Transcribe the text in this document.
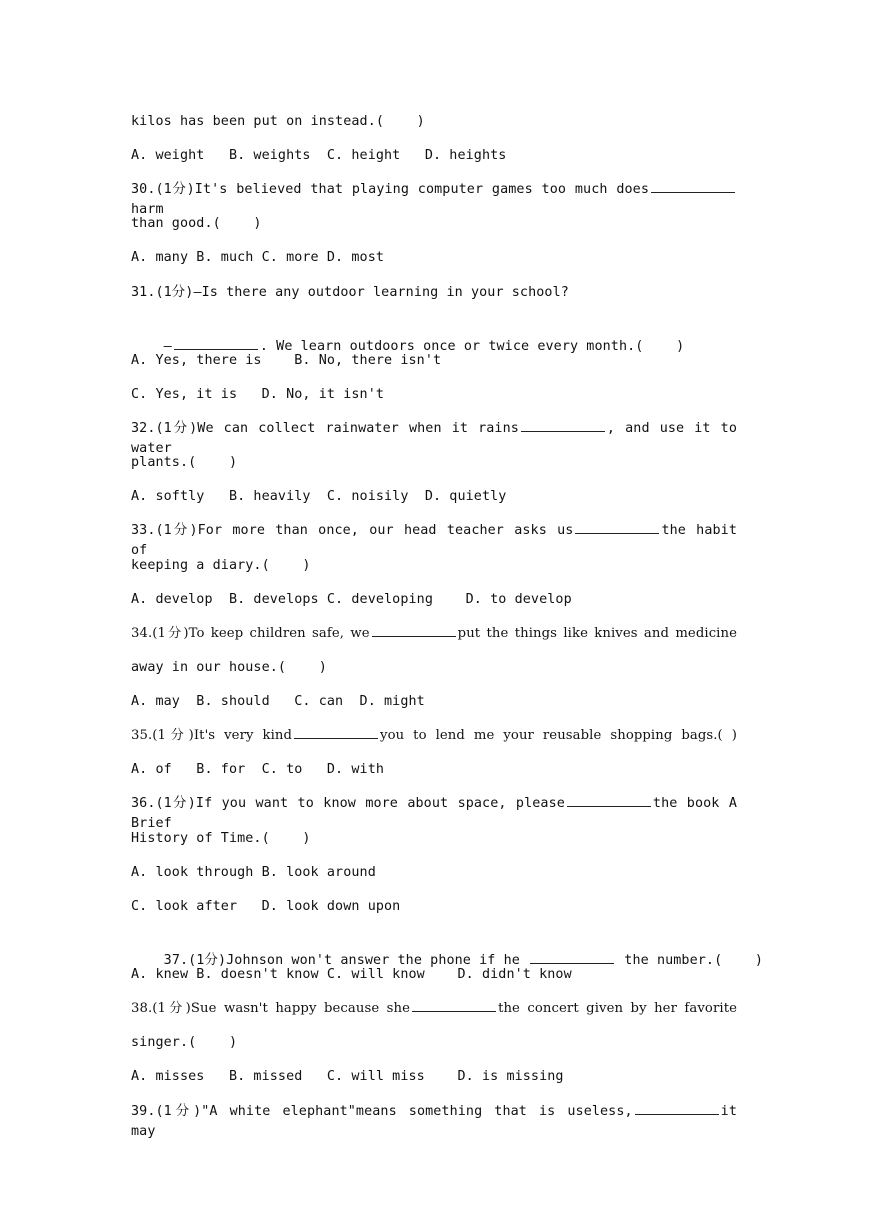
kilos has been put on instead.(    )
A. weight   B. weights  C. height   D. heights
30.(1分)It's believed that playing computer games too much doesharm
than good.(    )
A. many B. much C. more D. most
31.(1分)–Is there any outdoor learning in your school?

–	. We learn outdoors once or twice every month.(    )

A. Yes, there is    B. No, there isn't
C. Yes, it is   D. No, it isn't
32.(1分)We can collect rainwater when it rains	, and use it to water
plants.(    )
A. softly   B. heavily  C. noisily  D. quietly
33.(1分)For more than once, our head teacher asks us	the habit of
keeping a diary.(    )
A. develop  B. develops C. developing    D. to develop
34.(1分)To keep children safe, we	put the things like knives and medicine
away in our house.(    )
A. may  B. should   C. can  D. might
35.(1分)It's very kind	you to lend me your reusable shopping bags.( )
A. of   B. for  C. to   D. with
36.(1分)If you want to know more about space, please	the book A Brief
History of Time.(    )
A. look through B. look around
C. look after   D. look down upon

37.(1分)Johnson won't answer the phone if he	the number.(    )

A. knew B. doesn't know C. will know    D. didn't know
38.(1分)Sue wasn't happy because she	the concert given by her favorite
singer.(    )
A. misses   B. missed   C. will miss    D. is missing
39.(1分)"A white elephant"means something that is useless,	it may
